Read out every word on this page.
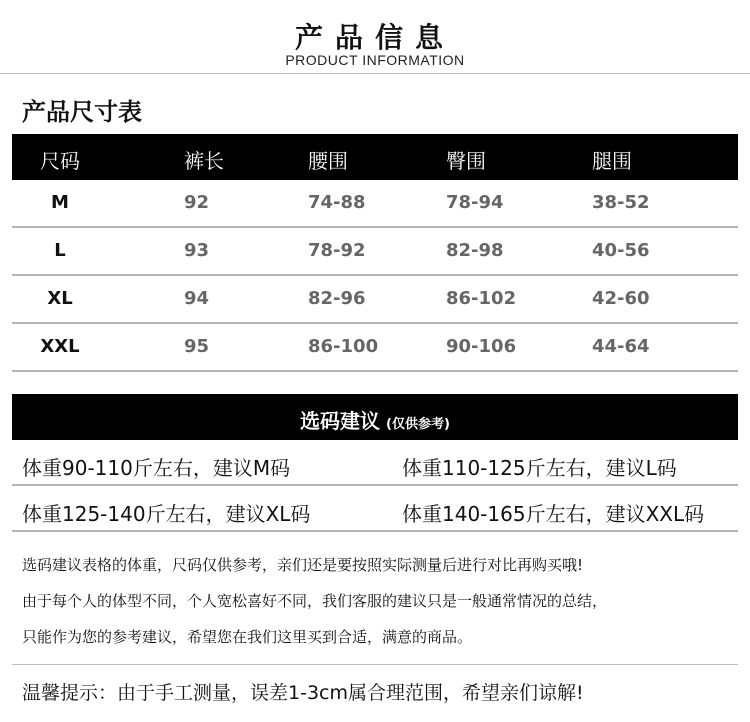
产品信息
PRODUCT INFORMATION
产品尺寸表
尺码	裤长	腰围	臀围	腿围
M	92	74-88	78-94	38-52
L	93	78-92	82-98	40-56
XL	94	82-96	86-102	42-60
XXL	95	86-100	90-106	44-64
选码建议 (仅供参考)
体重90-110斤左右，建议M码	体重110-125斤左右，建议L码
体重125-140斤左右，建议XL码	体重140-165斤左右，建议XXL码
选码建议表格的体重，尺码仅供参考，亲们还是要按照实际测量后进行对比再购买哦!
由于每个人的体型不同，个人宽松喜好不同，我们客服的建议只是一般通常情况的总结，
只能作为您的参考建议，希望您在我们这里买到合适，满意的商品。
温馨提示：由于手工测量，误差1-3cm属合理范围，希望亲们谅解!
